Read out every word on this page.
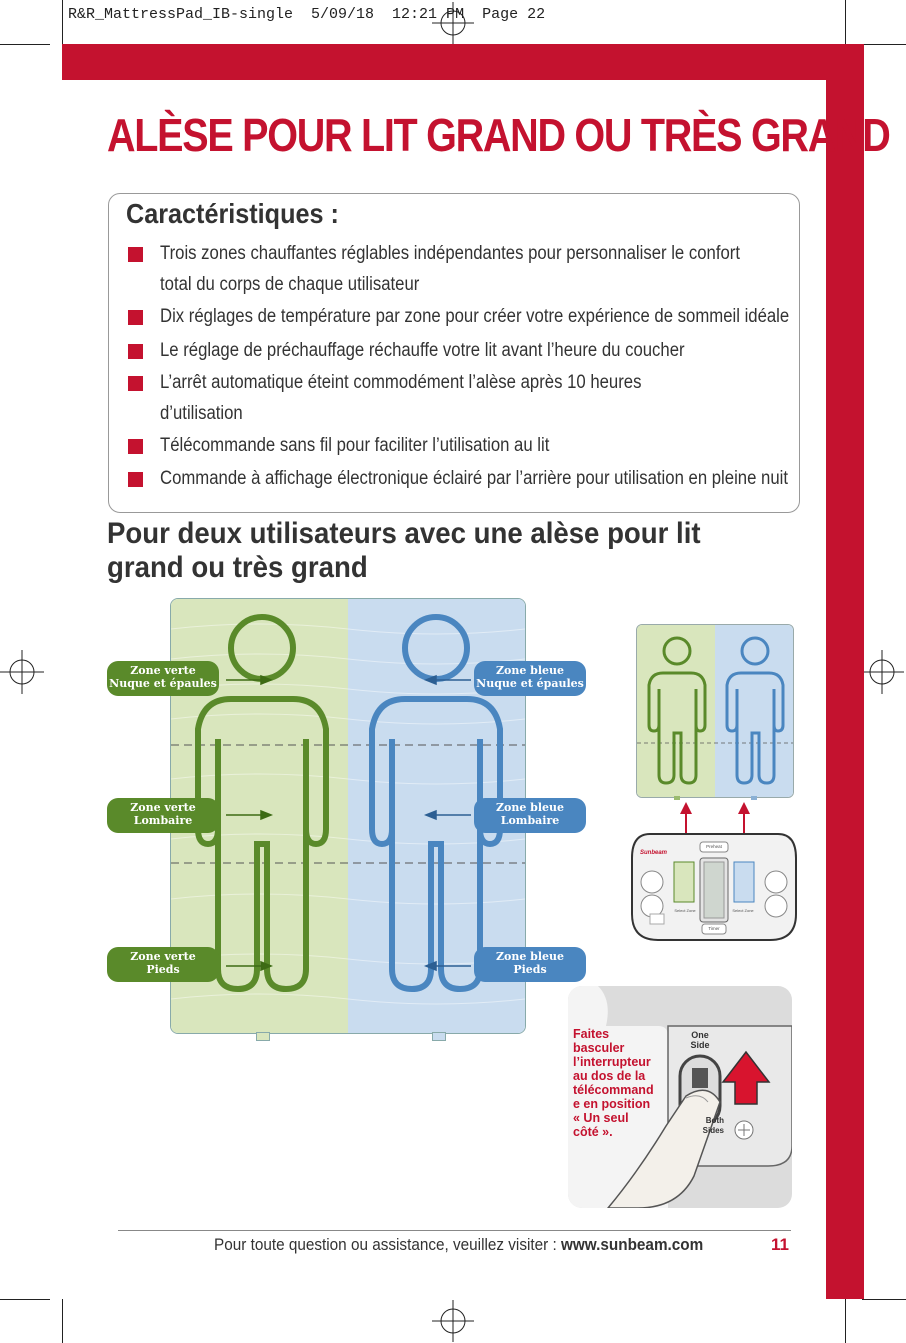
R&R_MattressPad_IB-single  5/09/18  12:21 PM  Page 22
ALÈSE POUR LIT GRAND OU TRÈS GRAND
Caractéristiques :
Trois zones chauffantes réglables indépendantes pour personnaliser le confort
total du corps de chaque utilisateur
Dix réglages de température par zone pour créer votre expérience de sommeil idéale
Le réglage de préchauffage réchauffe votre lit avant l’heure du coucher
L’arrêt automatique éteint commodément l’alèse après 10 heures
d’utilisation
Télécommande sans fil pour faciliter l’utilisation au lit
Commande à affichage électronique éclairé par l’arrière pour utilisation en pleine nuit
Pour deux utilisateurs avec une alèse pour lit grand ou très grand
Zone verte
Nuque et épaules
Zone verte
Lombaire
Zone verte
Pieds
Zone bleue
Nuque et épaules
Zone bleue
Lombaire
Zone bleue
Pieds
Sunbeam
Preheat
Select Zone	Select Zone
Timer
One Side
Both Sides
Faites
basculer
l’interrupteur
au dos de la
télécommand
e en position
« Un seul
côté ».
Pour toute question ou assistance, veuillez visiter : www.sunbeam.com	11
